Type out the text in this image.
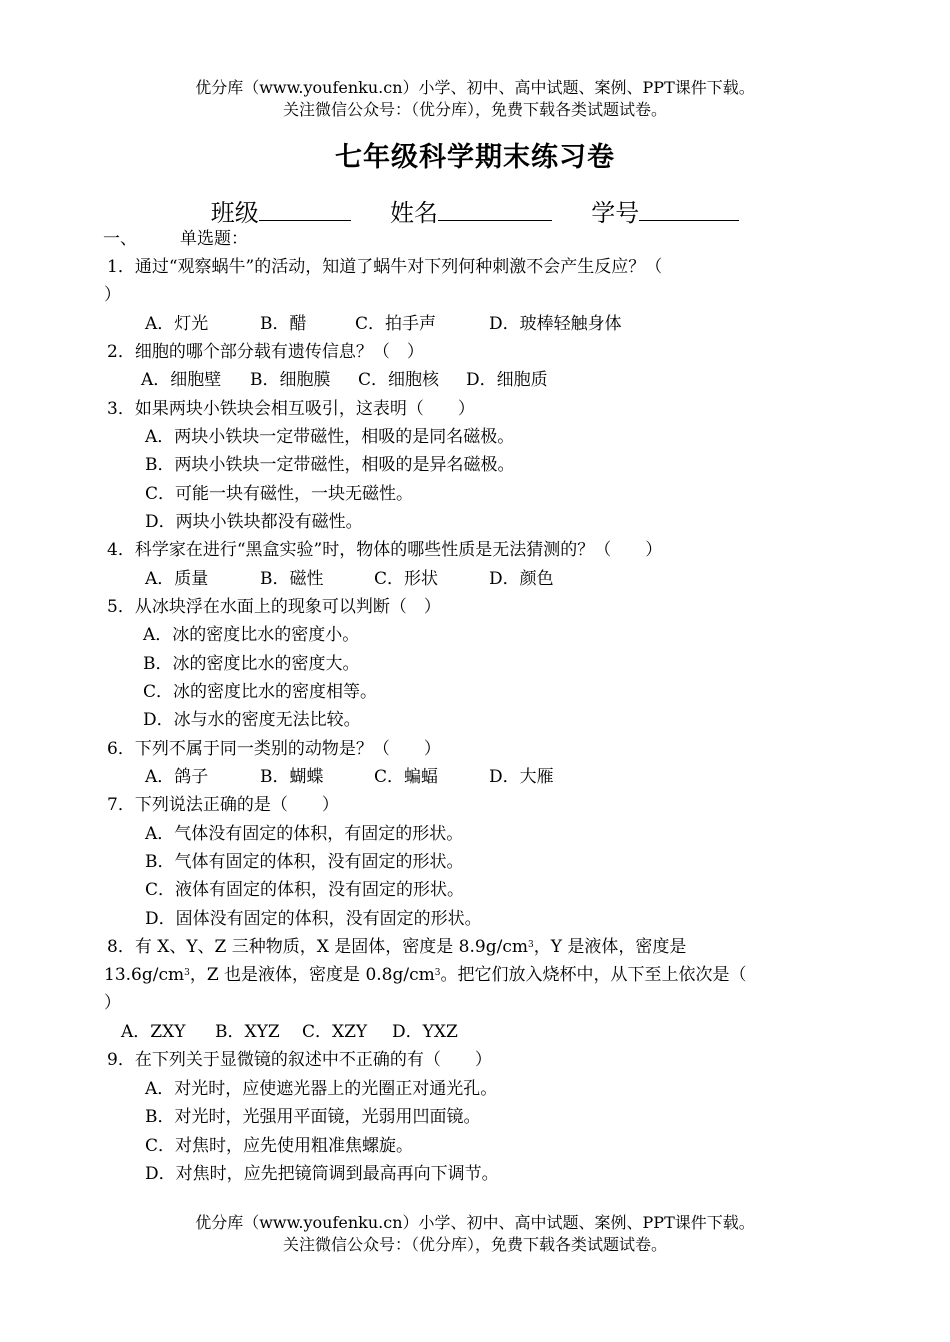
优分库（www.youfenku.cn）小学、初中、高中试题、案例、PPT课件下载。
关注微信公众号：（优分库），免费下载各类试题试卷。
七年级科学期末练习卷
班级	姓名	学号
一、	单选题：
1．通过“观察蜗牛”的活动，知道了蜗牛对下列何种刺激不会产生反应？（
）
A．灯光	B．醋	C．拍手声	D．玻棒轻触身体
2．细胞的哪个部分载有遗传信息？（　）
A．细胞壁 B．细胞膜 C．细胞核 D．细胞质
3．如果两块小铁块会相互吸引，这表明（　　）
A．两块小铁块一定带磁性，相吸的是同名磁极。
B．两块小铁块一定带磁性，相吸的是异名磁极。
C．可能一块有磁性，一块无磁性。
D．两块小铁块都没有磁性。
4．科学家在进行“黑盒实验”时，物体的哪些性质是无法猜测的？（　　）
A．质量	B．磁性	C．形状	D．颜色
5．从冰块浮在水面上的现象可以判断（　）
A．冰的密度比水的密度小。
B．冰的密度比水的密度大。
C．冰的密度比水的密度相等。
D．冰与水的密度无法比较。
6．下列不属于同一类别的动物是？（　　）
A．鸽子	B．蝴蝶	C．蝙蝠	D．大雁
7．下列说法正确的是（　　）
A．气体没有固定的体积，有固定的形状。
B．气体有固定的体积，没有固定的形状。
C．液体有固定的体积，没有固定的形状。
D．固体没有固定的体积，没有固定的形状。
8．有 X、Y、Z 三种物质，X 是固体，密度是 $8.9g/cm^3$，Y 是液体，密度是
$13.6g/cm^3$，Z 也是液体，密度是 $0.8g/cm^3$。把它们放入烧杯中，从下至上依次是（
）
A．ZXY B．XYZ C．XZY D．YXZ
9．在下列关于显微镜的叙述中不正确的有（　　）
A．对光时，应使遮光器上的光圈正对通光孔。
B．对光时，光强用平面镜，光弱用凹面镜。
C．对焦时，应先使用粗准焦螺旋。
D．对焦时，应先把镜筒调到最高再向下调节。
优分库（www.youfenku.cn）小学、初中、高中试题、案例、PPT课件下载。
关注微信公众号：（优分库），免费下载各类试题试卷。
